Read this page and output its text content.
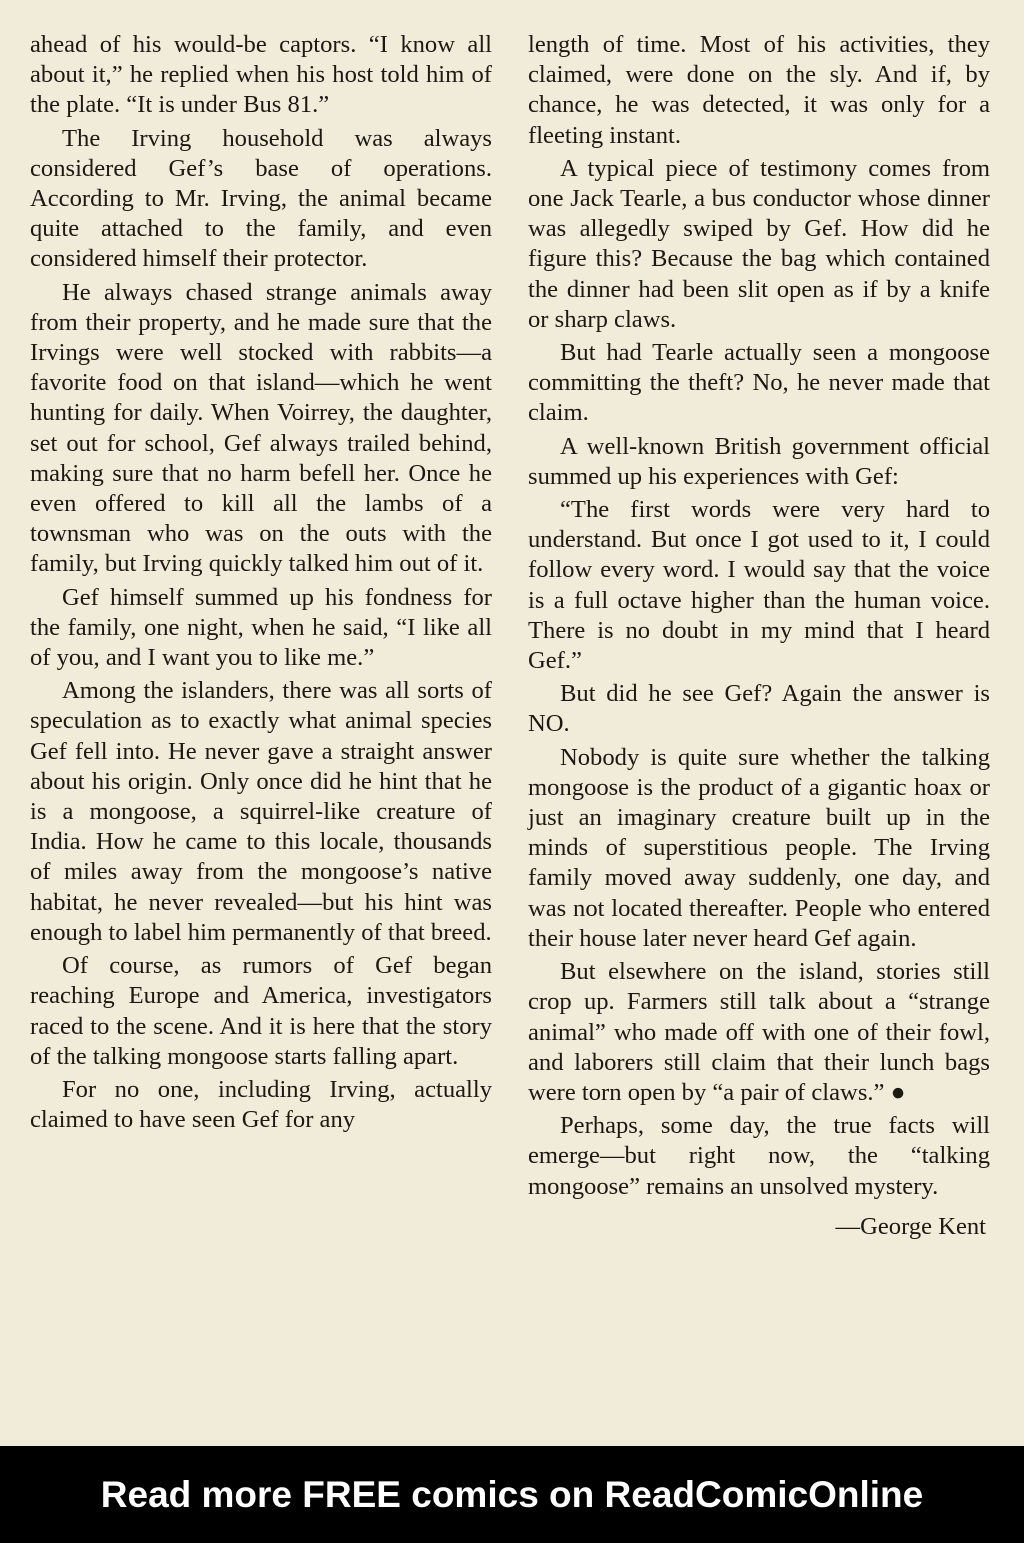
ahead of his would-be captors. “I know all about it,” he replied when his host told him of the plate. “It is under Bus 81.”

The Irving household was always considered Gef’s base of operations. According to Mr. Irving, the animal became quite attached to the family, and even considered himself their protector.

He always chased strange animals away from their property, and he made sure that the Irvings were well stocked with rabbits—a favorite food on that island—which he went hunting for daily. When Voirrey, the daughter, set out for school, Gef always trailed behind, making sure that no harm befell her. Once he even offered to kill all the lambs of a townsman who was on the outs with the family, but Irving quickly talked him out of it.

Gef himself summed up his fondness for the family, one night, when he said, “I like all of you, and I want you to like me.”

Among the islanders, there was all sorts of speculation as to exactly what animal species Gef fell into. He never gave a straight answer about his origin. Only once did he hint that he is a mongoose, a squirrel-like creature of India. How he came to this locale, thousands of miles away from the mongoose’s native habitat, he never revealed—but his hint was enough to label him permanently of that breed.

Of course, as rumors of Gef began reaching Europe and America, investigators raced to the scene. And it is here that the story of the talking mongoose starts falling apart.

For no one, including Irving, actually claimed to have seen Gef for any

length of time. Most of his activities, they claimed, were done on the sly. And if, by chance, he was detected, it was only for a fleeting instant.

A typical piece of testimony comes from one Jack Tearle, a bus conductor whose dinner was allegedly swiped by Gef. How did he figure this? Because the bag which contained the dinner had been slit open as if by a knife or sharp claws.

But had Tearle actually seen a mongoose committing the theft? No, he never made that claim.

A well-known British government official summed up his experiences with Gef:

“The first words were very hard to understand. But once I got used to it, I could follow every word. I would say that the voice is a full octave higher than the human voice. There is no doubt in my mind that I heard Gef.”

But did he see Gef? Again the answer is NO.

Nobody is quite sure whether the talking mongoose is the product of a gigantic hoax or just an imaginary creature built up in the minds of superstitious people. The Irving family moved away suddenly, one day, and was not located thereafter. People who entered their house later never heard Gef again.

But elsewhere on the island, stories still crop up. Farmers still talk about a “strange animal” who made off with one of their fowl, and laborers still claim that their lunch bags were torn open by “a pair of claws.” ●

Perhaps, some day, the true facts will emerge—but right now, the “talking mongoose” remains an unsolved mystery.

—George Kent

Read more FREE comics on ReadComicOnline
